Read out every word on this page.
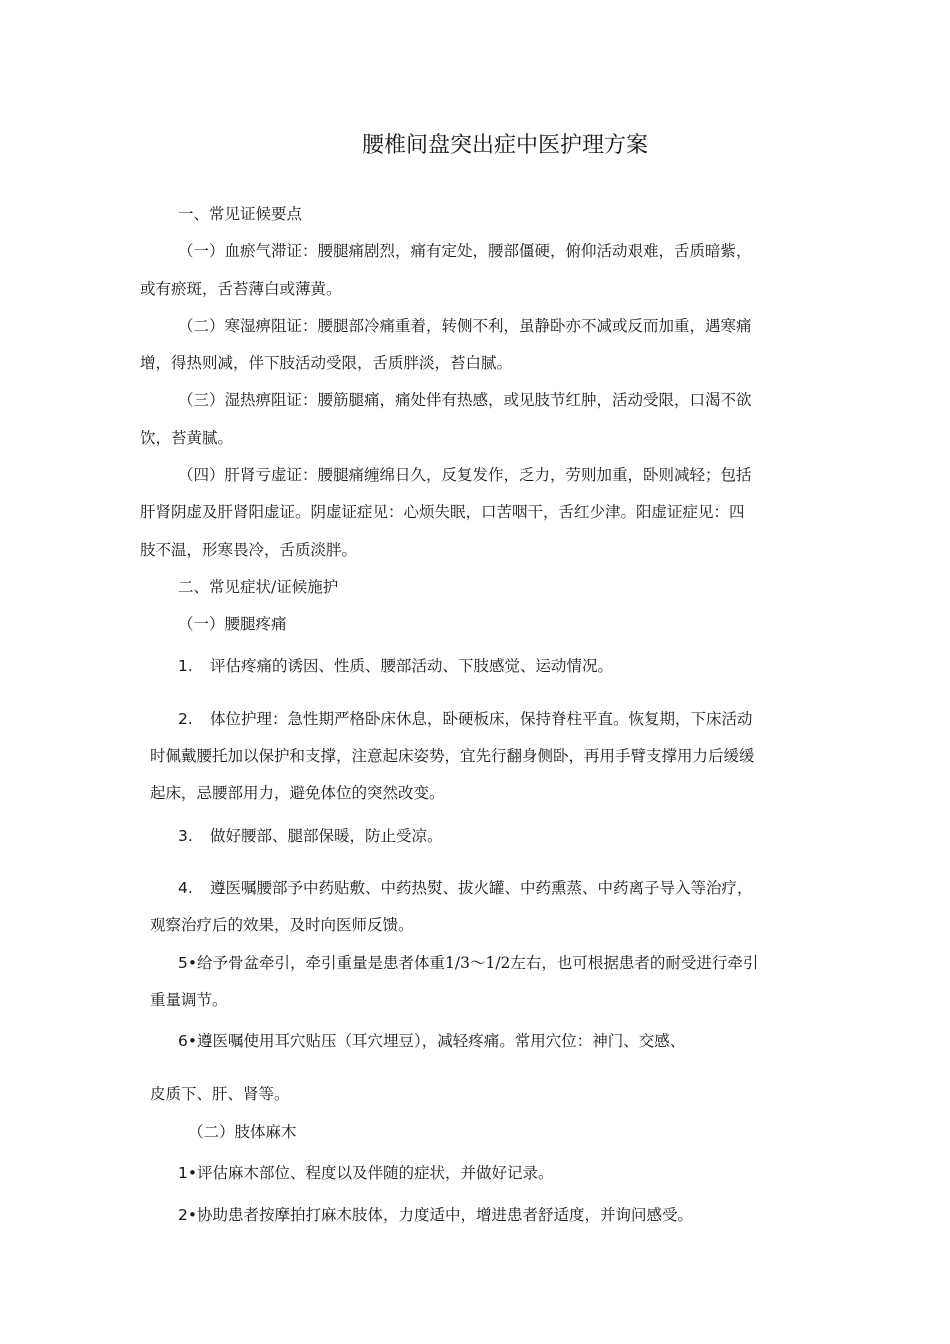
腰椎间盘突出症中医护理方案
一、常见证候要点
（一）血瘀气滞证：腰腿痛剧烈，痛有定处，腰部僵硬，俯仰活动艰难，舌质暗紫，
或有瘀斑，舌苔薄白或薄黄。
（二）寒湿痹阻证：腰腿部冷痛重着，转侧不利，虽静卧亦不减或反而加重，遇寒痛
增，得热则减，伴下肢活动受限，舌质胖淡，苔白腻。
（三）湿热痹阻证：腰筋腿痛，痛处伴有热感，或见肢节红肿，活动受限，口渴不欲
饮，苔黄腻。
（四）肝肾亏虚证：腰腿痛缠绵日久，反复发作，乏力，劳则加重，卧则减轻；包括
肝肾阴虚及肝肾阳虚证。阴虚证症见：心烦失眠，口苦咽干，舌红少津。阳虚证症见：四
肢不温，形寒畏冷，舌质淡胖。
二、常见症状/证候施护
（一）腰腿疼痛
1. 评估疼痛的诱因、性质、腰部活动、下肢感觉、运动情况。
2. 体位护理：急性期严格卧床休息，卧硬板床，保持脊柱平直。恢复期，下床活动
时佩戴腰托加以保护和支撑，注意起床姿势，宜先行翻身侧卧，再用手臂支撑用力后缓缓
起床，忌腰部用力，避免体位的突然改变。
3. 做好腰部、腿部保暖，防止受凉。
4. 遵医嘱腰部予中药贴敷、中药热熨、拔火罐、中药熏蒸、中药离子导入等治疗，
观察治疗后的效果，及时向医师反馈。
5•给予骨盆牵引，牵引重量是患者体重1/3〜1/2左右，也可根据患者的耐受进行牵引
重量调节。
6•遵医嘱使用耳穴贴压（耳穴埋豆），减轻疼痛。常用穴位：神门、交感、
皮质下、肝、肾等。
（二）肢体麻木
1•评估麻木部位、程度以及伴随的症状，并做好记录。
2•协助患者按摩拍打麻木肢体，力度适中，增进患者舒适度，并询问感受。
